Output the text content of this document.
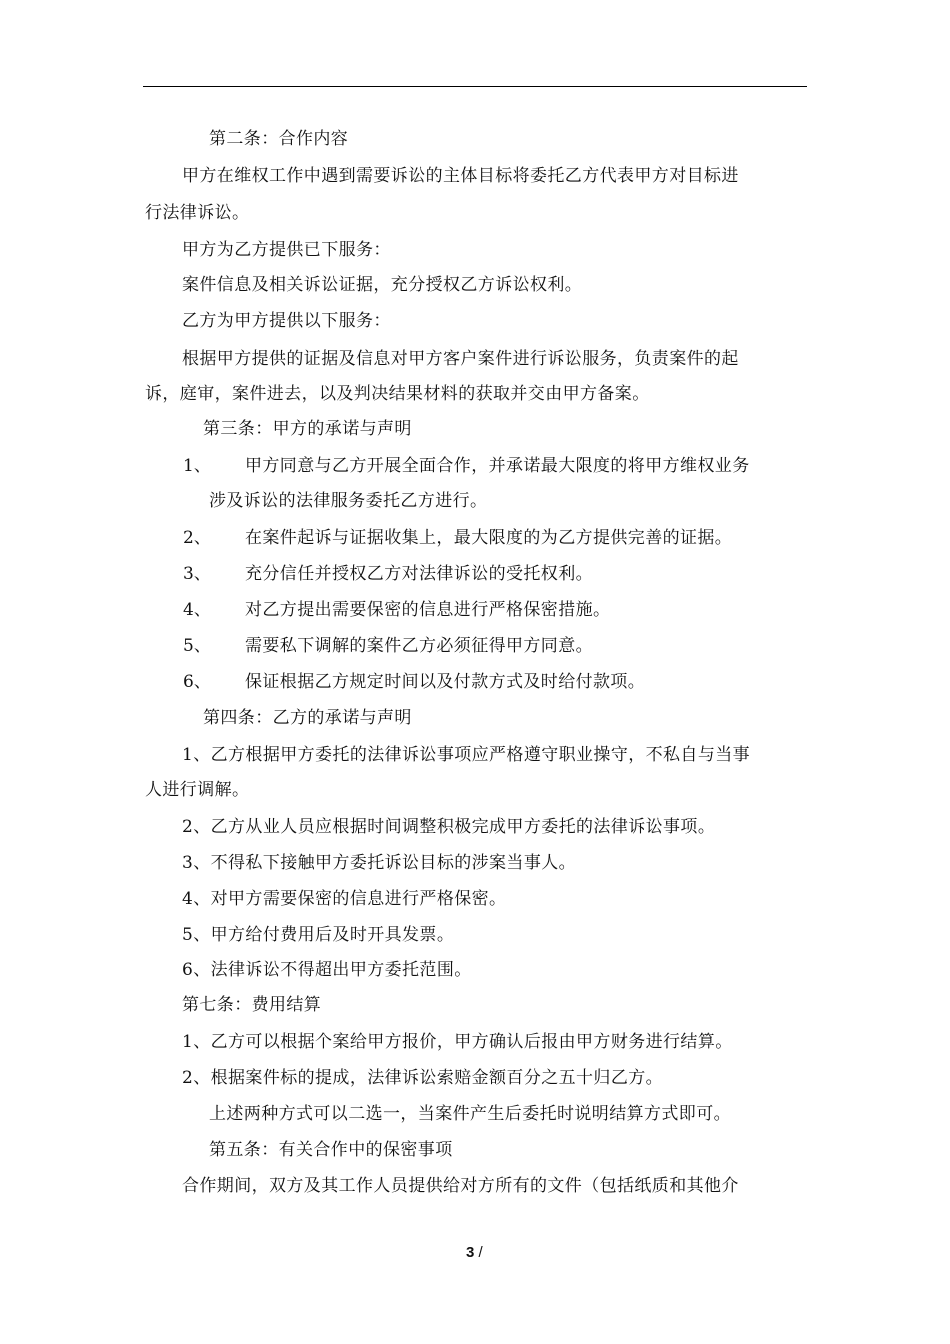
第二条：合作内容
甲方在维权工作中遇到需要诉讼的主体目标将委托乙方代表甲方对目标进
行法律诉讼。
甲方为乙方提供已下服务：
案件信息及相关诉讼证据，充分授权乙方诉讼权利。
乙方为甲方提供以下服务：
根据甲方提供的证据及信息对甲方客户案件进行诉讼服务，负责案件的起
诉，庭审，案件进去，以及判决结果材料的获取并交由甲方备案。
第三条：甲方的承诺与声明
1、 甲方同意与乙方开展全面合作，并承诺最大限度的将甲方维权业务
涉及诉讼的法律服务委托乙方进行。
2、 在案件起诉与证据收集上，最大限度的为乙方提供完善的证据。
3、 充分信任并授权乙方对法律诉讼的受托权利。
4、 对乙方提出需要保密的信息进行严格保密措施。
5、 需要私下调解的案件乙方必须征得甲方同意。
6、 保证根据乙方规定时间以及付款方式及时给付款项。
第四条：乙方的承诺与声明
1、乙方根据甲方委托的法律诉讼事项应严格遵守职业操守，不私自与当事
人进行调解。
2、乙方从业人员应根据时间调整积极完成甲方委托的法律诉讼事项。
3、不得私下接触甲方委托诉讼目标的涉案当事人。
4、对甲方需要保密的信息进行严格保密。
5、甲方给付费用后及时开具发票。
6、法律诉讼不得超出甲方委托范围。
第七条：费用结算
1、乙方可以根据个案给甲方报价，甲方确认后报由甲方财务进行结算。
2、根据案件标的提成，法律诉讼索赔金额百分之五十归乙方。
上述两种方式可以二选一，当案件产生后委托时说明结算方式即可。
第五条：有关合作中的保密事项
合作期间，双方及其工作人员提供给对方所有的文件（包括纸质和其他介
3 /
